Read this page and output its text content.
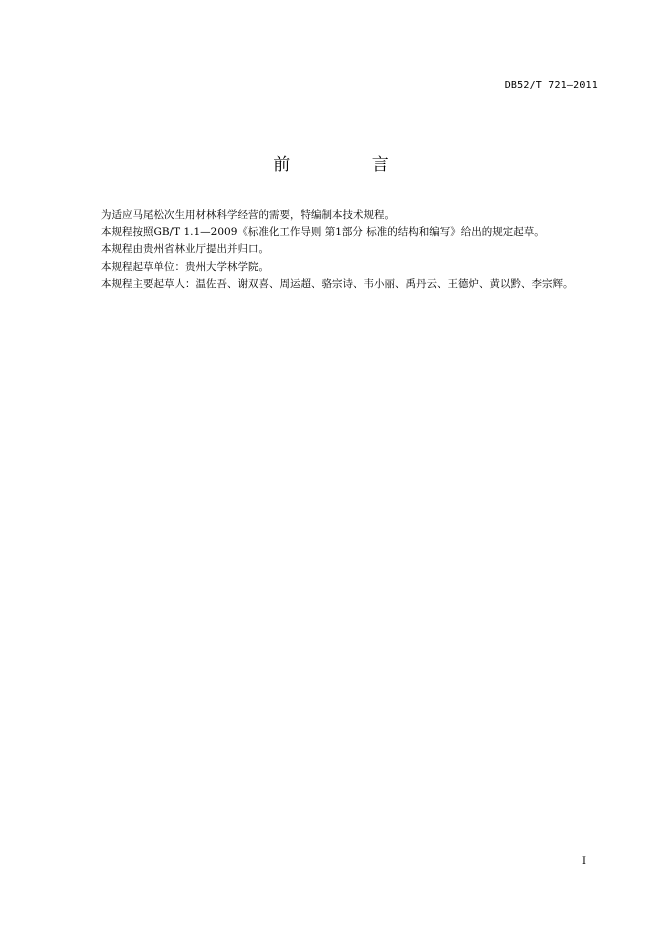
DB52/T 721—2011
前 言

为适应马尾松次生用材林科学经营的需要，特编制本技术规程。

本规程按照GB/T 1.1—2009《标准化工作导则 第1部分 标准的结构和编写》给出的规定起草。

本规程由贵州省林业厅提出并归口。

本规程起草单位：贵州大学林学院。

本规程主要起草人：温佐吾、谢双喜、周运超、骆宗诗、韦小丽、禹丹云、王德炉、黄以黔、李宗辉。

I
